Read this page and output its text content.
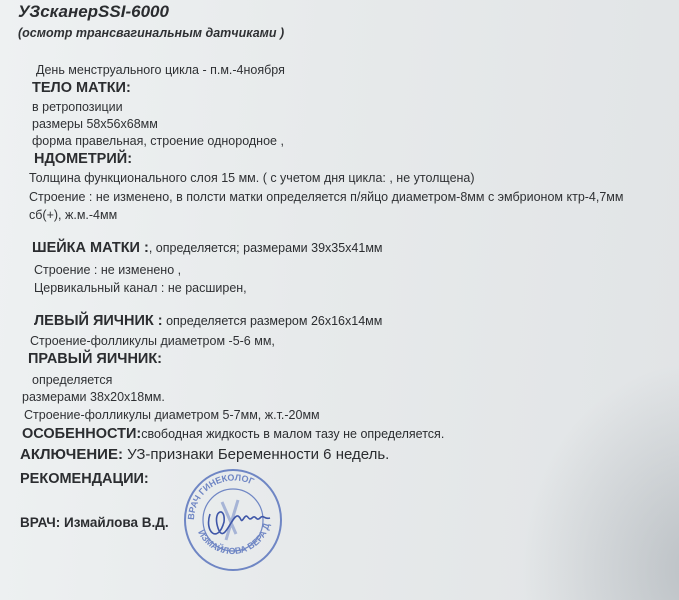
УЗсканерSSI-6000
(осмотр трансвагинальным датчиками )
День менструального цикла - п.м.-4ноября
ТЕЛО МАТКИ:
в ретропозиции
размеры 58x56x68мм
форма правельная, строение однородное ,
НДОМЕТРИЙ:
Толщина функционального слоя 15 мм. ( с учетом дня цикла: , не утолщена)
Строение : не изменено, в полсти матки определяется п/яйцо диаметром-8мм с эмбрионом ктр-4,7мм
сб(+), ж.м.-4мм
ШЕЙКА МАТКИ :, определяется; размерами 39x35x41мм
Строение : не изменено ,
Цервикальный канал : не расширен,
ЛЕВЫЙ ЯИЧНИК : определяется размером 26x16x14мм
Строение-фолликулы диаметром -5-6 мм,
ПРАВЫЙ ЯИЧНИК:
определяется
размерами 38x20x18мм.
Строение-фолликулы диаметром 5-7мм, ж.т.-20мм
ОСОБЕННОСТИ:свободная жидкость в малом тазу не определяется.
АКЛЮЧЕНИЕ: УЗ-признаки Беременности 6 недель.
РЕКОМЕНДАЦИИ:
ВРАЧ: Измайлова В.Д. ВРАЧ ГИНЕКОЛОГ
ИЗМАЙЛОВА ВЕРА Д
